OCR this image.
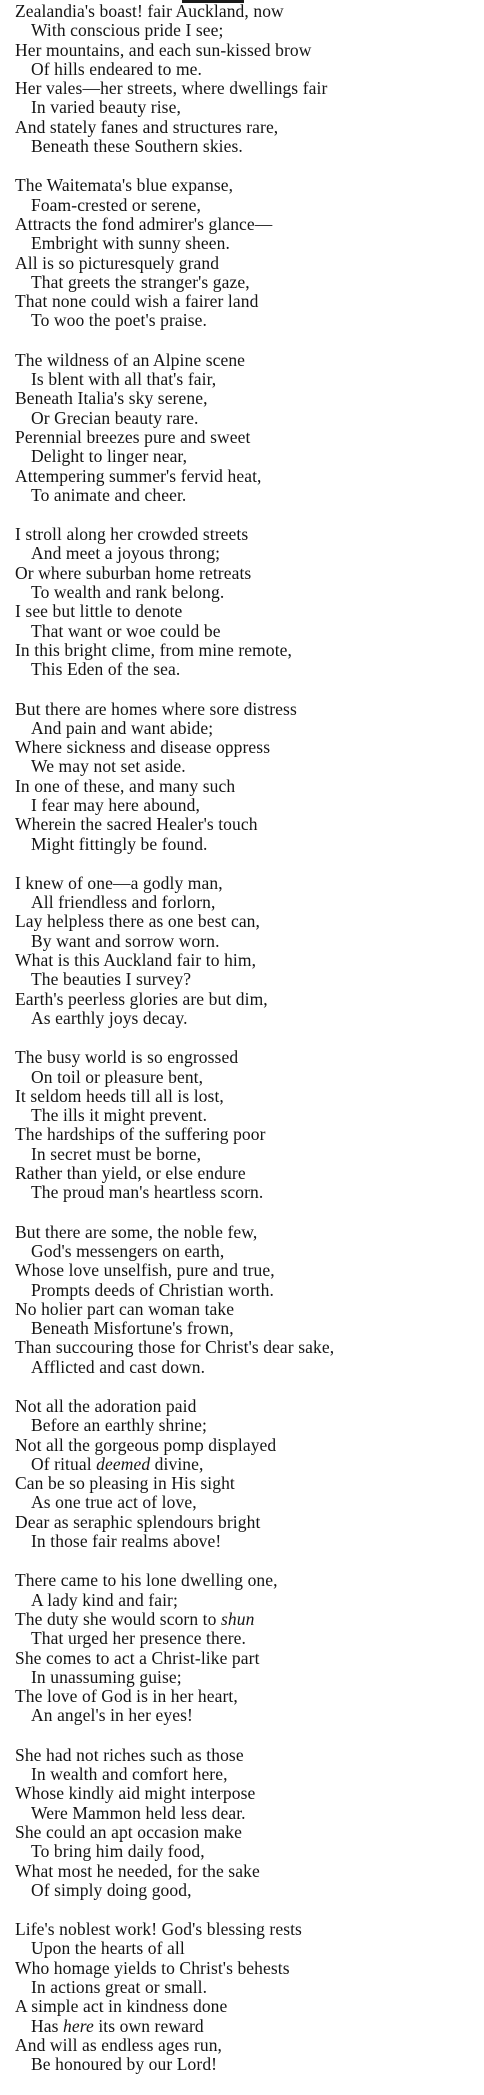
Zealandia's boast! fair Auckland, now
With conscious pride I see;
Her mountains, and each sun-kissed brow
Of hills endeared to me.
Her vales—her streets, where dwellings fair
In varied beauty rise,
And stately fanes and structures rare,
Beneath these Southern skies.
The Waitemata's blue expanse,
Foam-crested or serene,
Attracts the fond admirer's glance—
Embright with sunny sheen.
All is so picturesquely grand
That greets the stranger's gaze,
That none could wish a fairer land
To woo the poet's praise.
The wildness of an Alpine scene
Is blent with all that's fair,
Beneath Italia's sky serene,
Or Grecian beauty rare.
Perennial breezes pure and sweet
Delight to linger near,
Attempering summer's fervid heat,
To animate and cheer.
I stroll along her crowded streets
And meet a joyous throng;
Or where suburban home retreats
To wealth and rank belong.
I see but little to denote
That want or woe could be
In this bright clime, from mine remote,
This Eden of the sea.
But there are homes where sore distress
And pain and want abide;
Where sickness and disease oppress
We may not set aside.
In one of these, and many such
I fear may here abound,
Wherein the sacred Healer's touch
Might fittingly be found.
I knew of one—a godly man,
All friendless and forlorn,
Lay helpless there as one best can,
By want and sorrow worn.
What is this Auckland fair to him,
The beauties I survey?
Earth's peerless glories are but dim,
As earthly joys decay.
The busy world is so engrossed
On toil or pleasure bent,
It seldom heeds till all is lost,
The ills it might prevent.
The hardships of the suffering poor
In secret must be borne,
Rather than yield, or else endure
The proud man's heartless scorn.
But there are some, the noble few,
God's messengers on earth,
Whose love unselfish, pure and true,
Prompts deeds of Christian worth.
No holier part can woman take
Beneath Misfortune's frown,
Than succouring those for Christ's dear sake,
Afflicted and cast down.
Not all the adoration paid
Before an earthly shrine;
Not all the gorgeous pomp displayed
Of ritual deemed divine,
Can be so pleasing in His sight
As one true act of love,
Dear as seraphic splendours bright
In those fair realms above!
There came to his lone dwelling one,
A lady kind and fair;
The duty she would scorn to shun
That urged her presence there.
She comes to act a Christ-like part
In unassuming guise;
The love of God is in her heart,
An angel's in her eyes!
She had not riches such as those
In wealth and comfort here,
Whose kindly aid might interpose
Were Mammon held less dear.
She could an apt occasion make
To bring him daily food,
What most he needed, for the sake
Of simply doing good,
Life's noblest work! God's blessing rests
Upon the hearts of all
Who homage yields to Christ's behests
In actions great or small.
A simple act in kindness done
Has here its own reward
And will as endless ages run,
Be honoured by our Lord!
